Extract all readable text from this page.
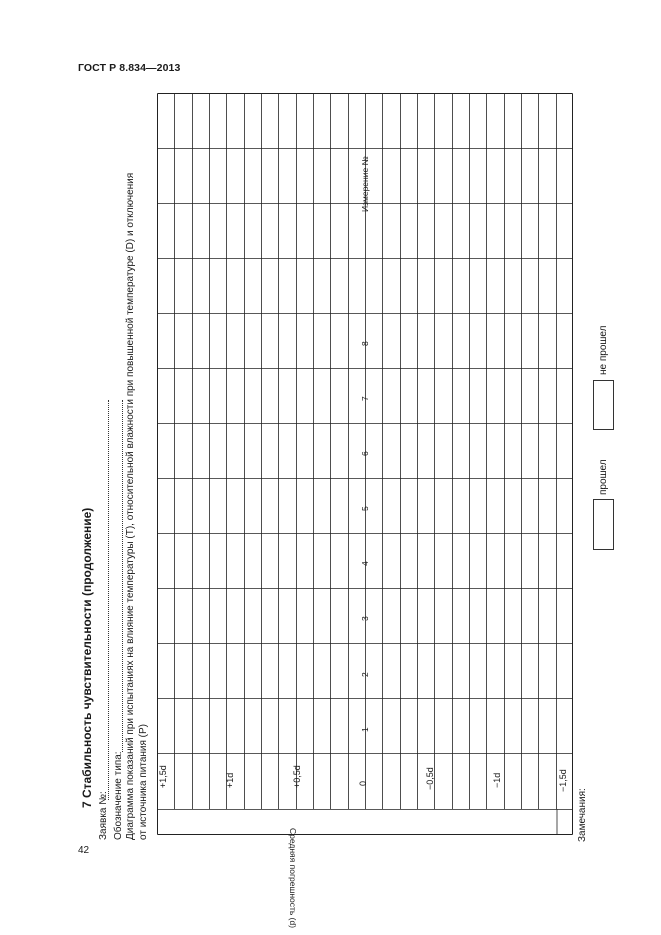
ГОСТ Р 8.834—2013
42
7 Стабильность чувствительности (продолжение)
Заявка №: Обозначение типа: Диаграмма показаний при испытаниях на влияние температуры (T), относительной влажности при повышенной температуре (D) и отключения от источника питания (P) +1,5d	+1d	+0,5d	0	−0,5d	−1d	−1,5d
Средняя погрешность (d)
1
2
3
4
5
6
7
8
Измерение №
прошел
не прошел
Замечания:
